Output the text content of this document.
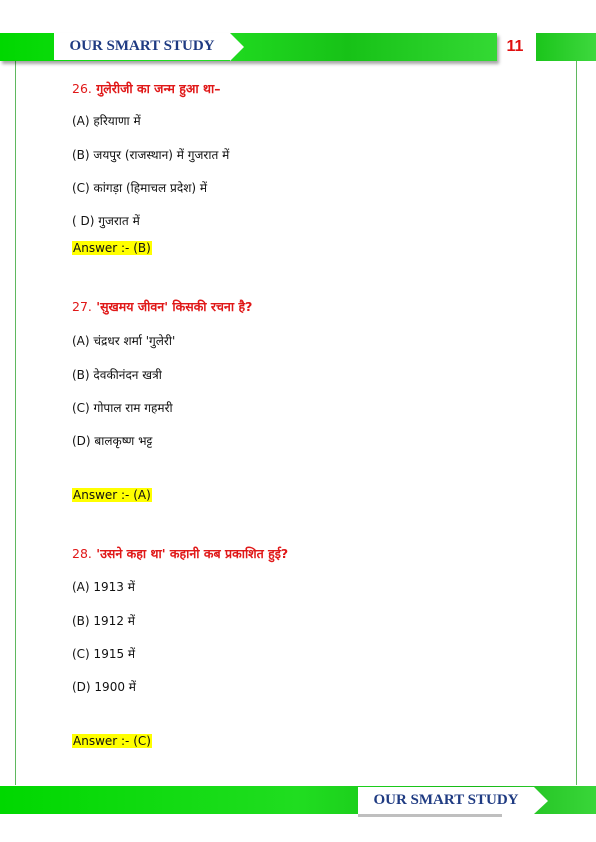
OUR SMART STUDY	11
26. गुलेरीजी का जन्म हुआ था–
(A) हरियाणा में
(B) जयपुर (राजस्थान) में गुजरात में
(C) कांगड़ा (हिमाचल प्रदेश) में
( D) गुजरात में
Answer :- (B)
27. 'सुखमय जीवन' किसकी रचना है?
(A) चंद्रधर शर्मा 'गुलेरी'
(B) देवकीनंदन खत्री
(C) गोपाल राम गहमरी
(D) बालकृष्ण भट्ट
Answer :- (A)
28. 'उसने कहा था' कहानी कब प्रकाशित हुई?
(A) 1913 में
(B) 1912 में
(C) 1915 में
(D) 1900 में
Answer :- (C)
OUR SMART STUDY
